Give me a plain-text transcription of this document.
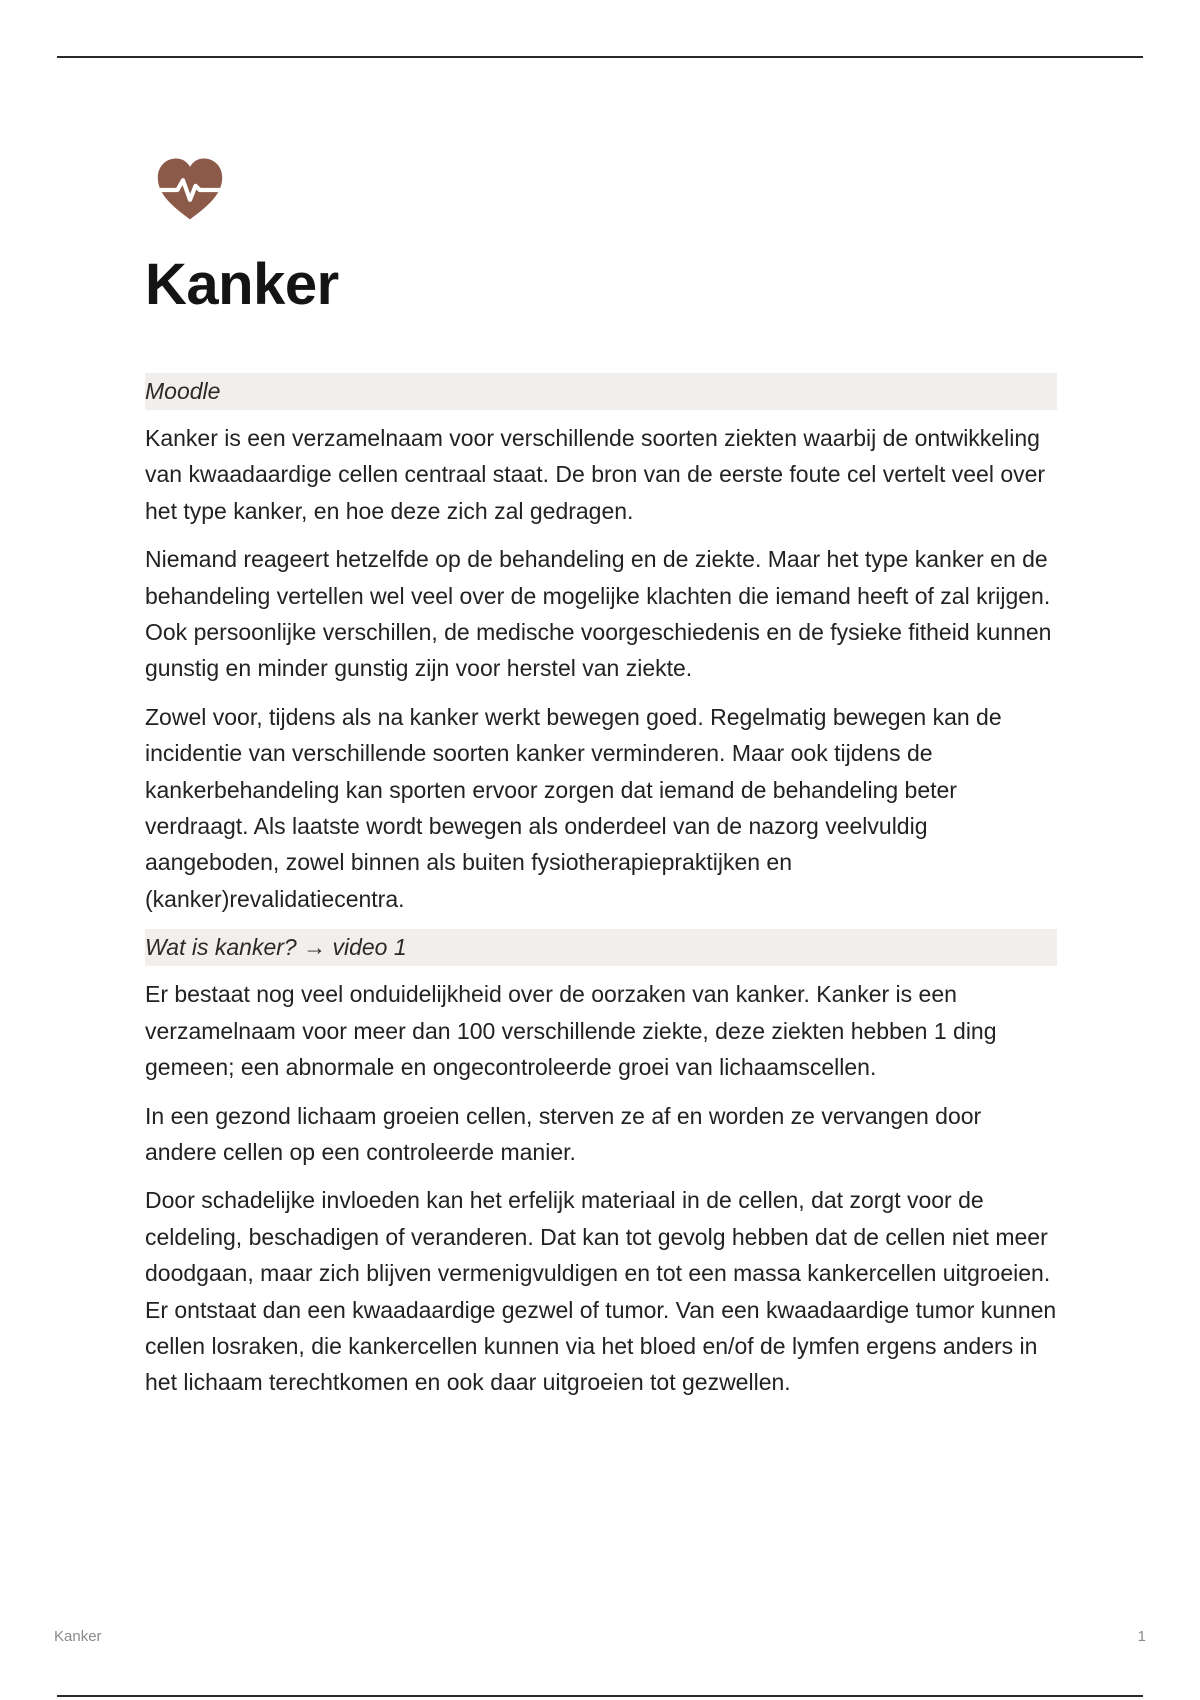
Kanker
Moodle

Kanker is een verzamelnaam voor verschillende soorten ziekten waarbij de ontwikkeling van kwaadaardige cellen centraal staat. De bron van de eerste foute cel vertelt veel over het type kanker, en hoe deze zich zal gedragen.

Niemand reageert hetzelfde op de behandeling en de ziekte. Maar het type kanker en de behandeling vertellen wel veel over de mogelijke klachten die iemand heeft of zal krijgen. Ook persoonlijke verschillen, de medische voorgeschiedenis en de fysieke fitheid kunnen gunstig en minder gunstig zijn voor herstel van ziekte.

Zowel voor, tijdens als na kanker werkt bewegen goed. Regelmatig bewegen kan de incidentie van verschillende soorten kanker verminderen. Maar ook tijdens de kankerbehandeling kan sporten ervoor zorgen dat iemand de behandeling beter verdraagt. Als laatste wordt bewegen als onderdeel van de nazorg veelvuldig aangeboden, zowel binnen als buiten fysiotherapiepraktijken en (kanker)revalidatiecentra.

Wat is kanker? → video 1

Er bestaat nog veel onduidelijkheid over de oorzaken van kanker. Kanker is een verzamelnaam voor meer dan 100 verschillende ziekte, deze ziekten hebben 1 ding gemeen; een abnormale en ongecontroleerde groei van lichaamscellen.

In een gezond lichaam groeien cellen, sterven ze af en worden ze vervangen door andere cellen op een controleerde manier.

Door schadelijke invloeden kan het erfelijk materiaal in de cellen, dat zorgt voor de celdeling, beschadigen of veranderen. Dat kan tot gevolg hebben dat de cellen niet meer doodgaan, maar zich blijven vermenigvuldigen en tot een massa kankercellen uitgroeien. Er ontstaat dan een kwaadaardige gezwel of tumor. Van een kwaadaardige tumor kunnen cellen losraken, die kankercellen kunnen via het bloed en/of de lymfen ergens anders in het lichaam terechtkomen en ook daar uitgroeien tot gezwellen.

Kanker	1
